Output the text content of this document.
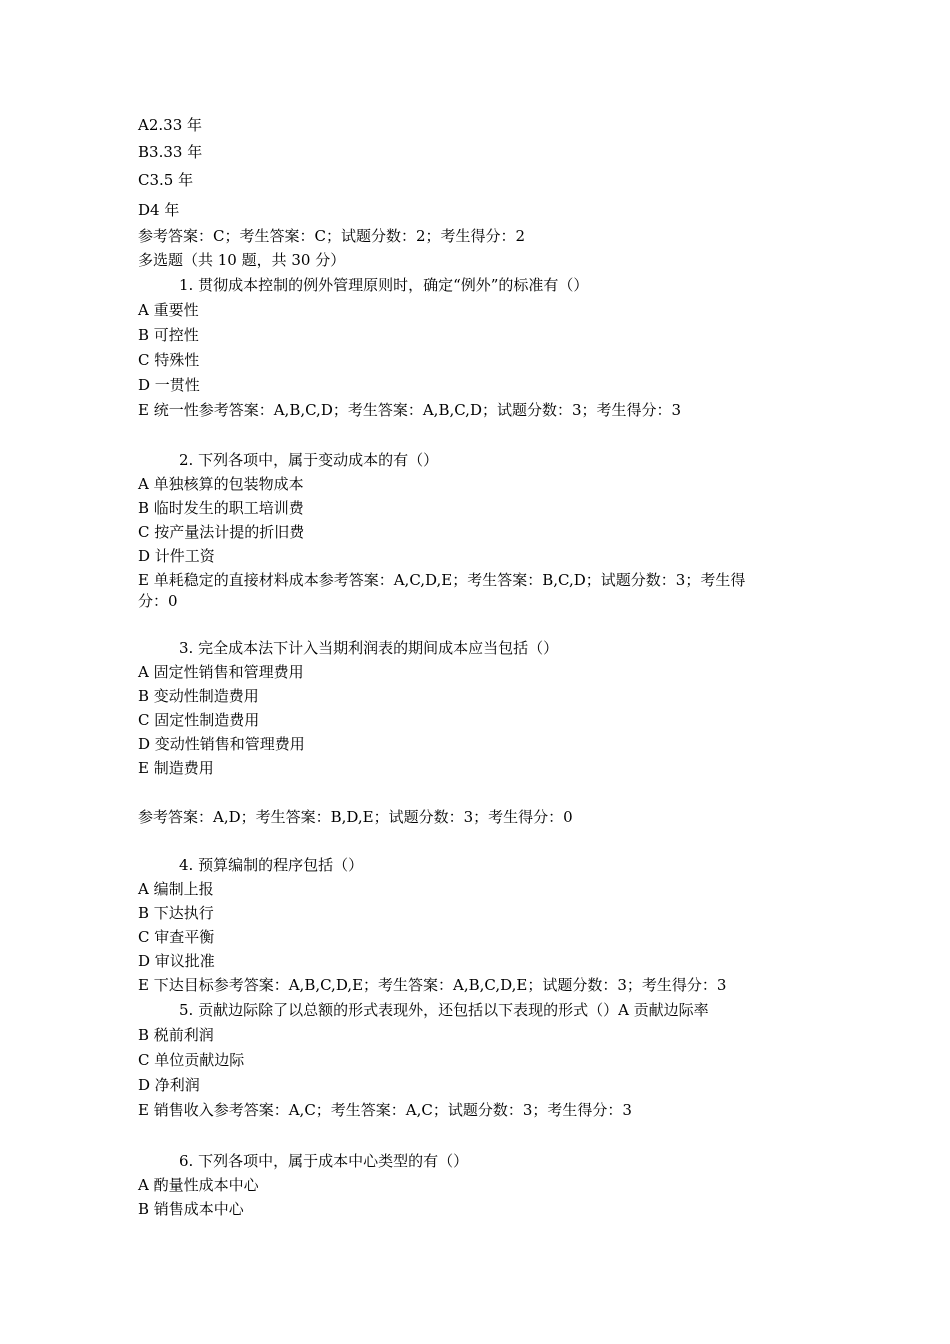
A2.33 年
B3.33 年
C3.5 年
D4 年
参考答案：C；考生答案：C；试题分数：2；考生得分：2
多选题（共 10 题，共 30 分）
1. 贯彻成本控制的例外管理原则时，确定“例外”的标准有（）
A 重要性
B 可控性
C 特殊性
D 一贯性
E 统一性参考答案：A,B,C,D；考生答案：A,B,C,D；试题分数：3；考生得分：3
2. 下列各项中，属于变动成本的有（）
A 单独核算的包装物成本
B 临时发生的职工培训费
C 按产量法计提的折旧费
D 计件工资
E 单耗稳定的直接材料成本参考答案：A,C,D,E；考生答案：B,C,D；试题分数：3；考生得
分：0
3. 完全成本法下计入当期利润表的期间成本应当包括（）
A 固定性销售和管理费用
B 变动性制造费用
C 固定性制造费用
D 变动性销售和管理费用
E 制造费用
参考答案：A,D；考生答案：B,D,E；试题分数：3；考生得分：0
4. 预算编制的程序包括（）
A 编制上报
B 下达执行
C 审查平衡
D 审议批准
E 下达目标参考答案：A,B,C,D,E；考生答案：A,B,C,D,E；试题分数：3；考生得分：3
5. 贡献边际除了以总额的形式表现外，还包括以下表现的形式（）A 贡献边际率
B 税前利润
C 单位贡献边际
D 净利润
E 销售收入参考答案：A,C；考生答案：A,C；试题分数：3；考生得分：3
6. 下列各项中，属于成本中心类型的有（）
A 酌量性成本中心
B 销售成本中心
